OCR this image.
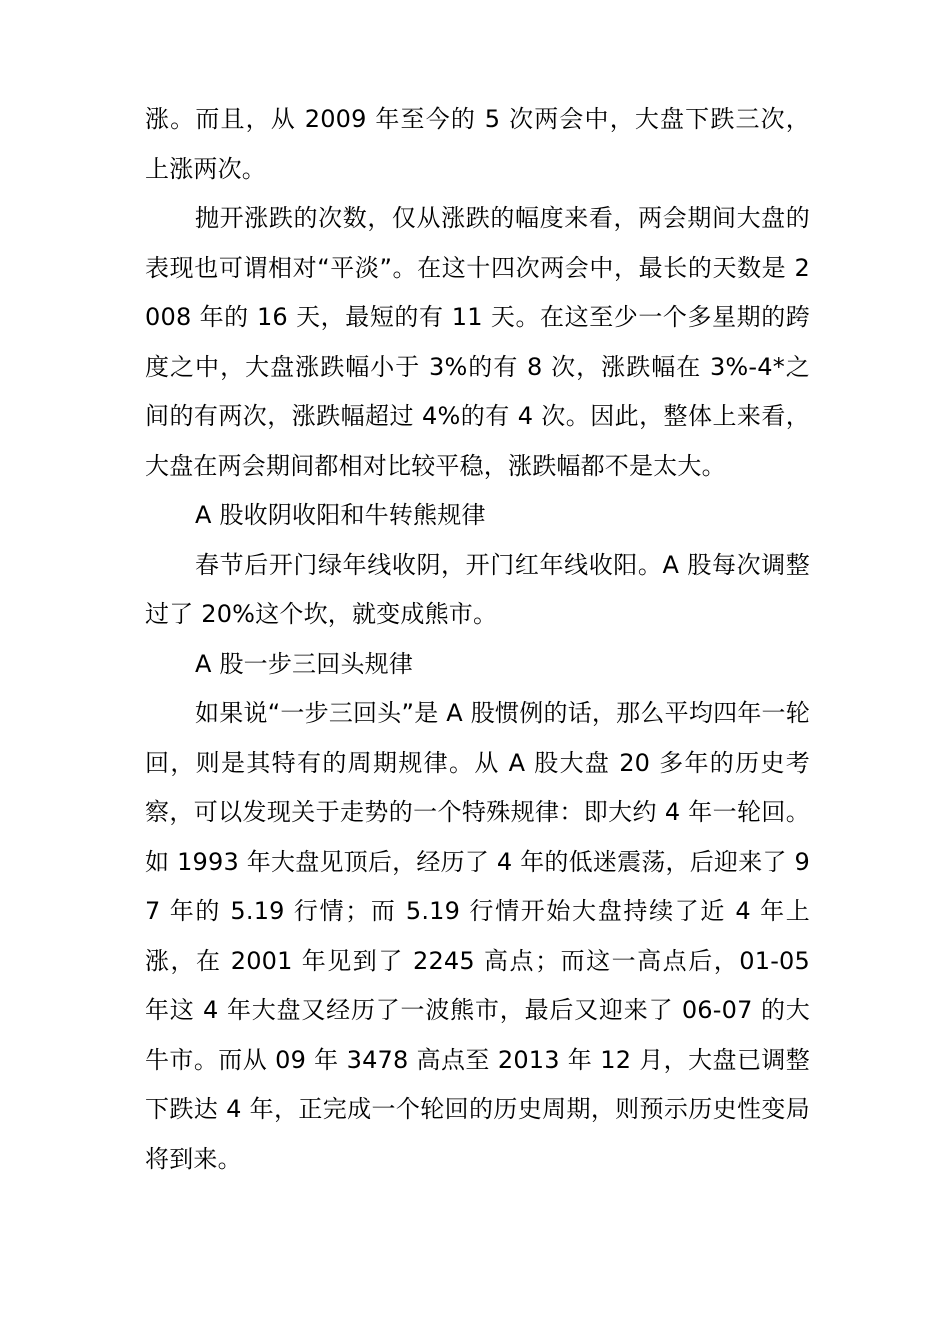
涨。而且，从 2009 年至今的 5 次两会中，大盘下跌三次，上涨两次。

抛开涨跌的次数，仅从涨跌的幅度来看，两会期间大盘的表现也可谓相对“平淡”。在这十四次两会中，最长的天数是 2008 年的 16 天，最短的有 11 天。在这至少一个多星期的跨度之中，大盘涨跌幅小于 3%的有 8 次，涨跌幅在 3%-4*之间的有两次，涨跌幅超过 4%的有 4 次。因此，整体上来看，大盘在两会期间都相对比较平稳，涨跌幅都不是太大。

A 股收阴收阳和牛转熊规律

春节后开门绿年线收阴，开门红年线收阳。A 股每次调整过了 20%这个坎，就变成熊市。

A 股一步三回头规律

如果说“一步三回头”是 A 股惯例的话，那么平均四年一轮回，则是其特有的周期规律。从 A 股大盘 20 多年的历史考察，可以发现关于走势的一个特殊规律：即大约 4 年一轮回。如 1993 年大盘见顶后，经历了 4 年的低迷震荡，后迎来了 97 年的 5.19 行情；而 5.19 行情开始大盘持续了近 4 年上涨，在 2001 年见到了 2245 高点；而这一高点后，01-05 年这 4 年大盘又经历了一波熊市，最后又迎来了 06-07 的大牛市。而从 09 年 3478 高点至 2013 年 12 月，大盘已调整下跌达 4 年，正完成一个轮回的历史周期，则预示历史性变局将到来。
